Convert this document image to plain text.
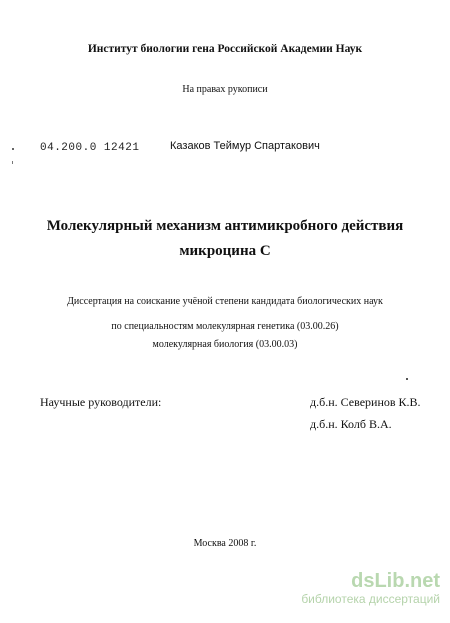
Институт биологии гена Российской Академии Наук
На правах рукописи
04.200.0 12421	Казаков Теймур Спартакович
Молекулярный механизм антимикробного действия
микроцина С
Диссертация на соискание учёной степени кандидата биологических наук
по специальностям молекулярная генетика (03.00.26)
молекулярная биология (03.00.03)
Научные руководители:	д.б.н. Северинов К.В.
д.б.н. Колб В.А.
Москва 2008 г.
dsLib.net
библиотека диссертаций
